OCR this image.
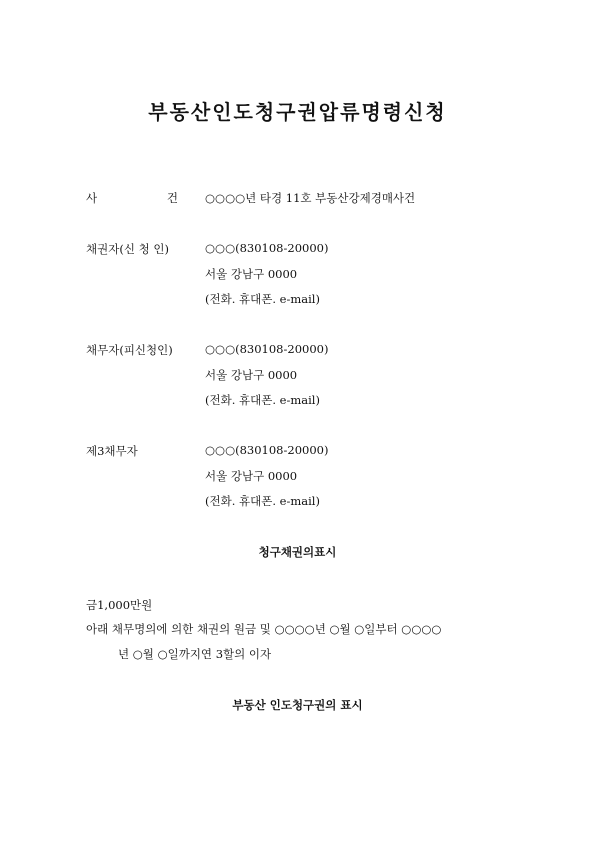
부동산인도청구권압류명령신청
사	건 ○○○○년 타경 11호 부동산강제경매사건
채권자(신 청 인)	○○○(830108-20000)
서울 강남구 0000
(전화. 휴대폰. e-mail)
채무자(피신청인)	○○○(830108-20000)
서울 강남구 0000
(전화. 휴대폰. e-mail)
제3채무자	○○○(830108-20000)
서울 강남구 0000
(전화. 휴대폰. e-mail)
청구채권의표시
금1,000만원
아래 채무명의에 의한 채권의 원금 및 ○○○○년 ○월 ○일부터 ○○○○
년 ○월 ○일까지연 3할의 이자
부동산 인도청구권의 표시
